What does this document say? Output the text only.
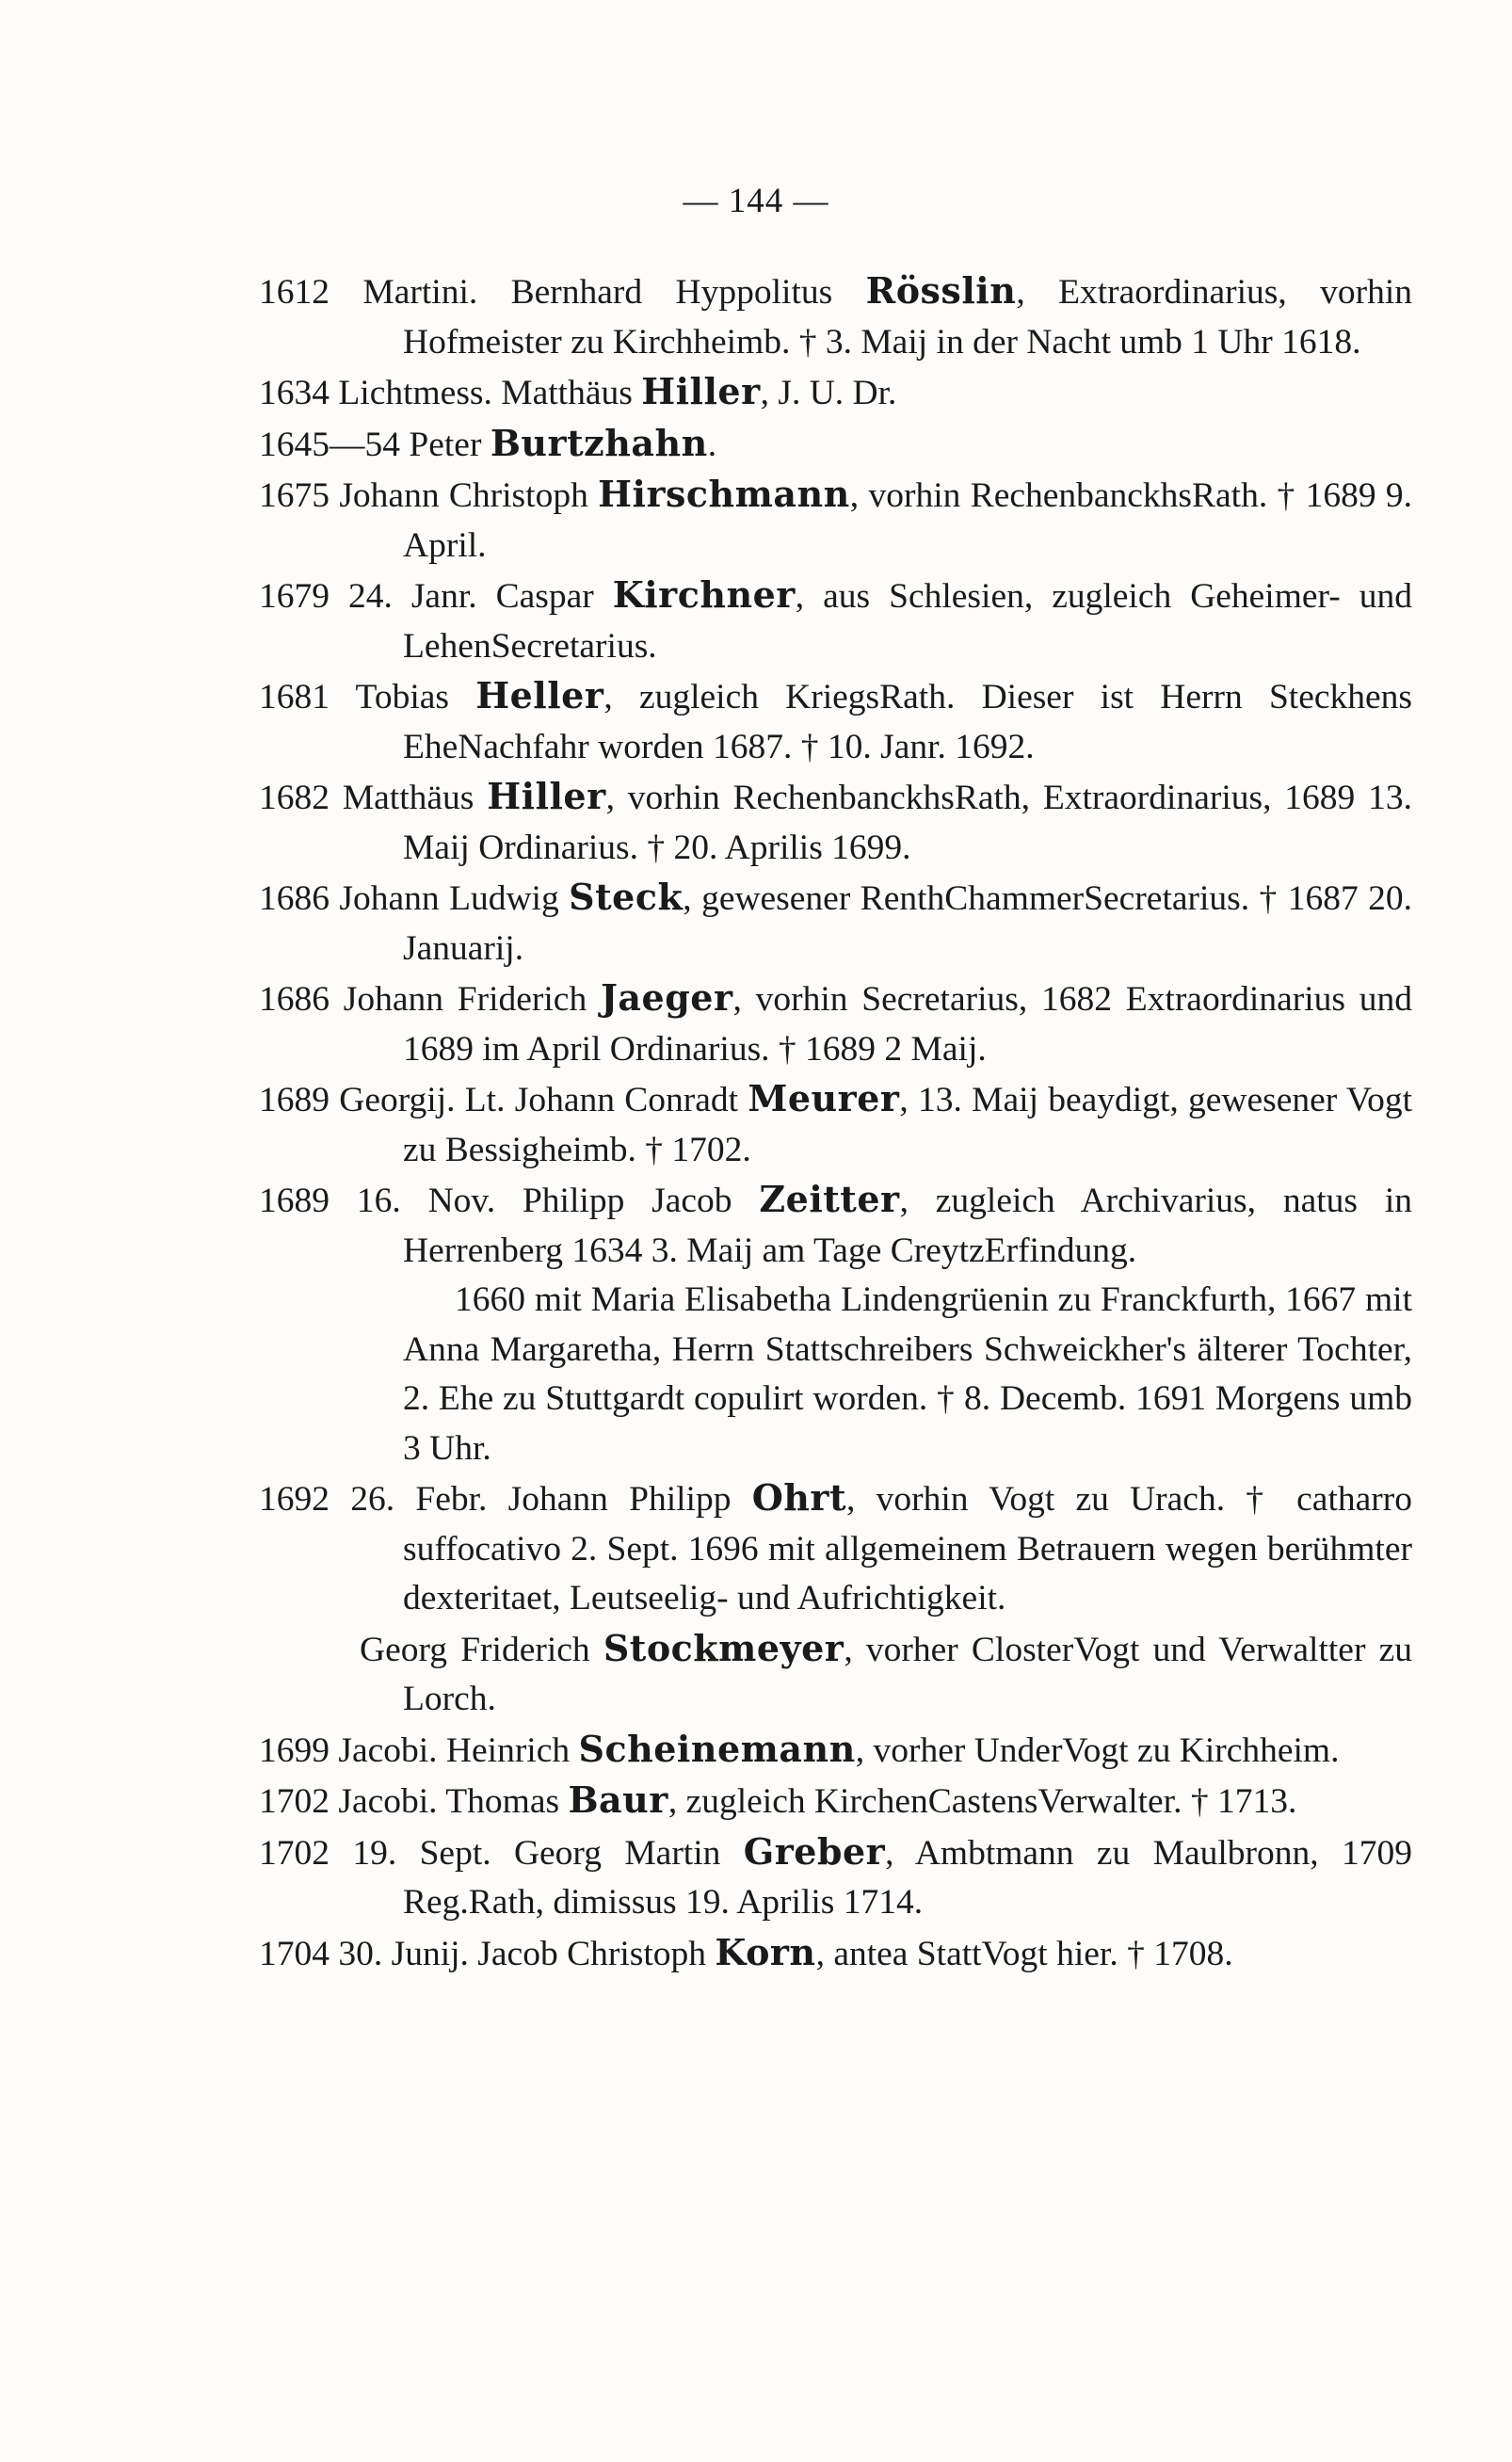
— 144 —

1612 Martini. Bernhard Hyppolitus Rösslin, Extraordinarius, vorhin Hofmeister zu Kirchheimb. † 3. Maij in der Nacht umb 1 Uhr 1618.

1634 Lichtmess. Matthäus Hiller, J. U. Dr.

1645—54 Peter Burtzhahn.

1675 Johann Christoph Hirschmann, vorhin RechenbanckhsRath. † 1689 9. April.

1679 24. Janr. Caspar Kirchner, aus Schlesien, zugleich Geheimer- und LehenSecretarius.

1681 Tobias Heller, zugleich KriegsRath. Dieser ist Herrn Steckhens EheNachfahr worden 1687. † 10. Janr. 1692.

1682 Matthäus Hiller, vorhin RechenbanckhsRath, Extraordinarius, 1689 13. Maij Ordinarius. † 20. Aprilis 1699.

1686 Johann Ludwig Steck, gewesener RenthChammerSecretarius. † 1687 20. Januarij.

1686 Johann Friderich Jaeger, vorhin Secretarius, 1682 Extraordinarius und 1689 im April Ordinarius. † 1689 2 Maij.

1689 Georgij. Lt. Johann Conradt Meurer, 13. Maij beaydigt, gewesener Vogt zu Bessigheimb. † 1702.

1689 16. Nov. Philipp Jacob Zeitter, zugleich Archivarius, natus in Herrenberg 1634 3. Maij am Tage CreytzErfindung.

1660 mit Maria Elisabetha Lindengrüenin zu Franckfurth, 1667 mit Anna Margaretha, Herrn Stattschreibers Schweickher's älterer Tochter, 2. Ehe zu Stuttgardt copulirt worden. † 8. Decemb. 1691 Morgens umb 3 Uhr.

1692 26. Febr. Johann Philipp Ohrt, vorhin Vogt zu Urach. † catharro suffocativo 2. Sept. 1696 mit allgemeinem Betrauern wegen berühmter dexteritaet, Leutseelig- und Aufrichtigkeit.

Georg Friderich Stockmeyer, vorher ClosterVogt und Verwaltter zu Lorch.

1699 Jacobi. Heinrich Scheinemann, vorher UnderVogt zu Kirchheim.

1702 Jacobi. Thomas Baur, zugleich KirchenCastensVerwalter. † 1713.

1702 19. Sept. Georg Martin Greber, Ambtmann zu Maulbronn, 1709 Reg.Rath, dimissus 19. Aprilis 1714.

1704 30. Junij. Jacob Christoph Korn, antea StattVogt hier. † 1708.
